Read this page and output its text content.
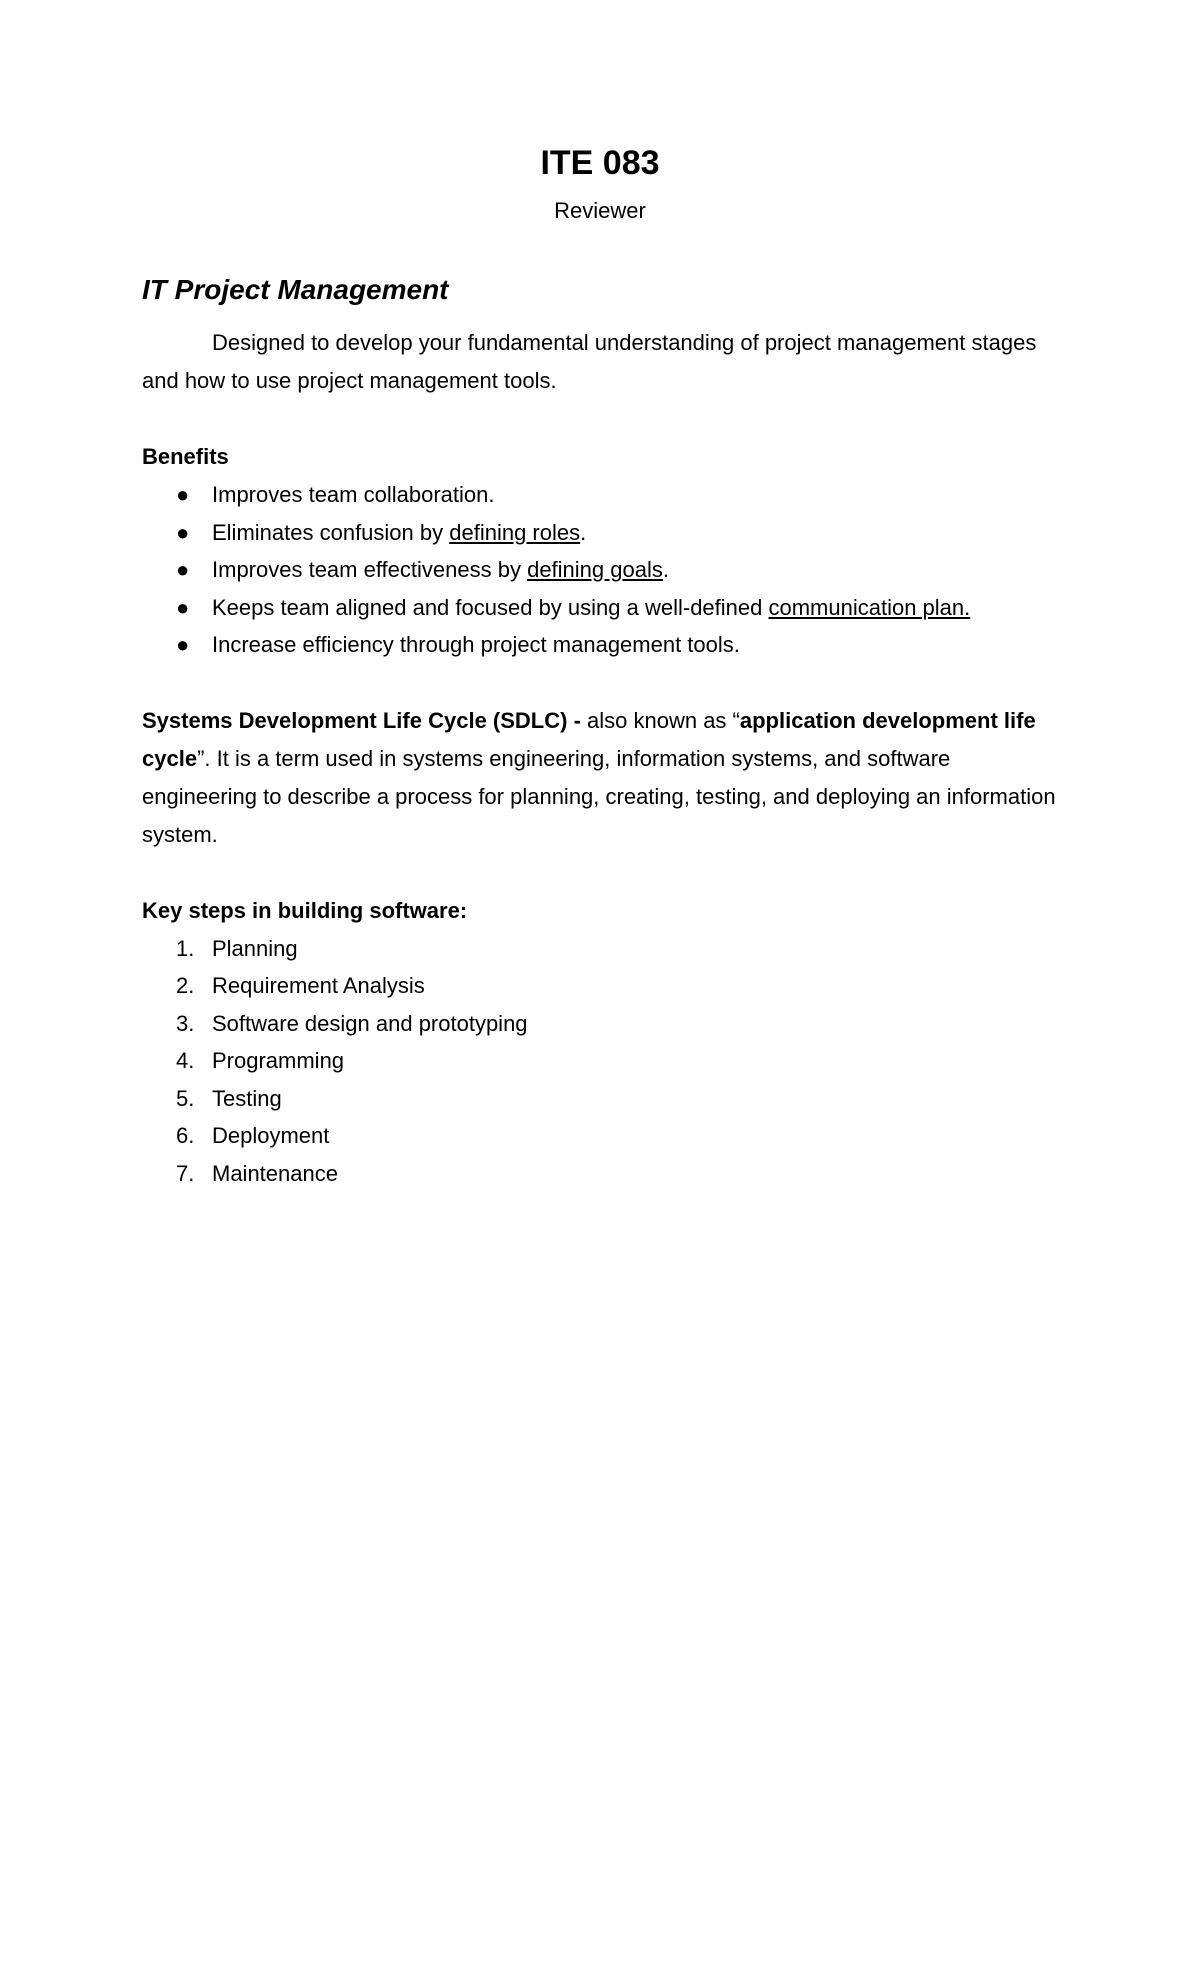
ITE 083
Reviewer
IT Project Management

Designed to develop your fundamental understanding of project management stages and how to use project management tools.

Benefits
●	Improves team collaboration.
●	Eliminates confusion by defining roles.
●	Improves team effectiveness by defining goals.
●	Keeps team aligned and focused by using a well-defined communication plan.
●	Increase efficiency through project management tools.

Systems Development Life Cycle (SDLC) - also known as “application development life cycle”. It is a term used in systems engineering, information systems, and software engineering to describe a process for planning, creating, testing, and deploying an information system.

Key steps in building software:
1. Planning
2. Requirement Analysis
3. Software design and prototyping
4. Programming
5. Testing
6. Deployment
7. Maintenance
